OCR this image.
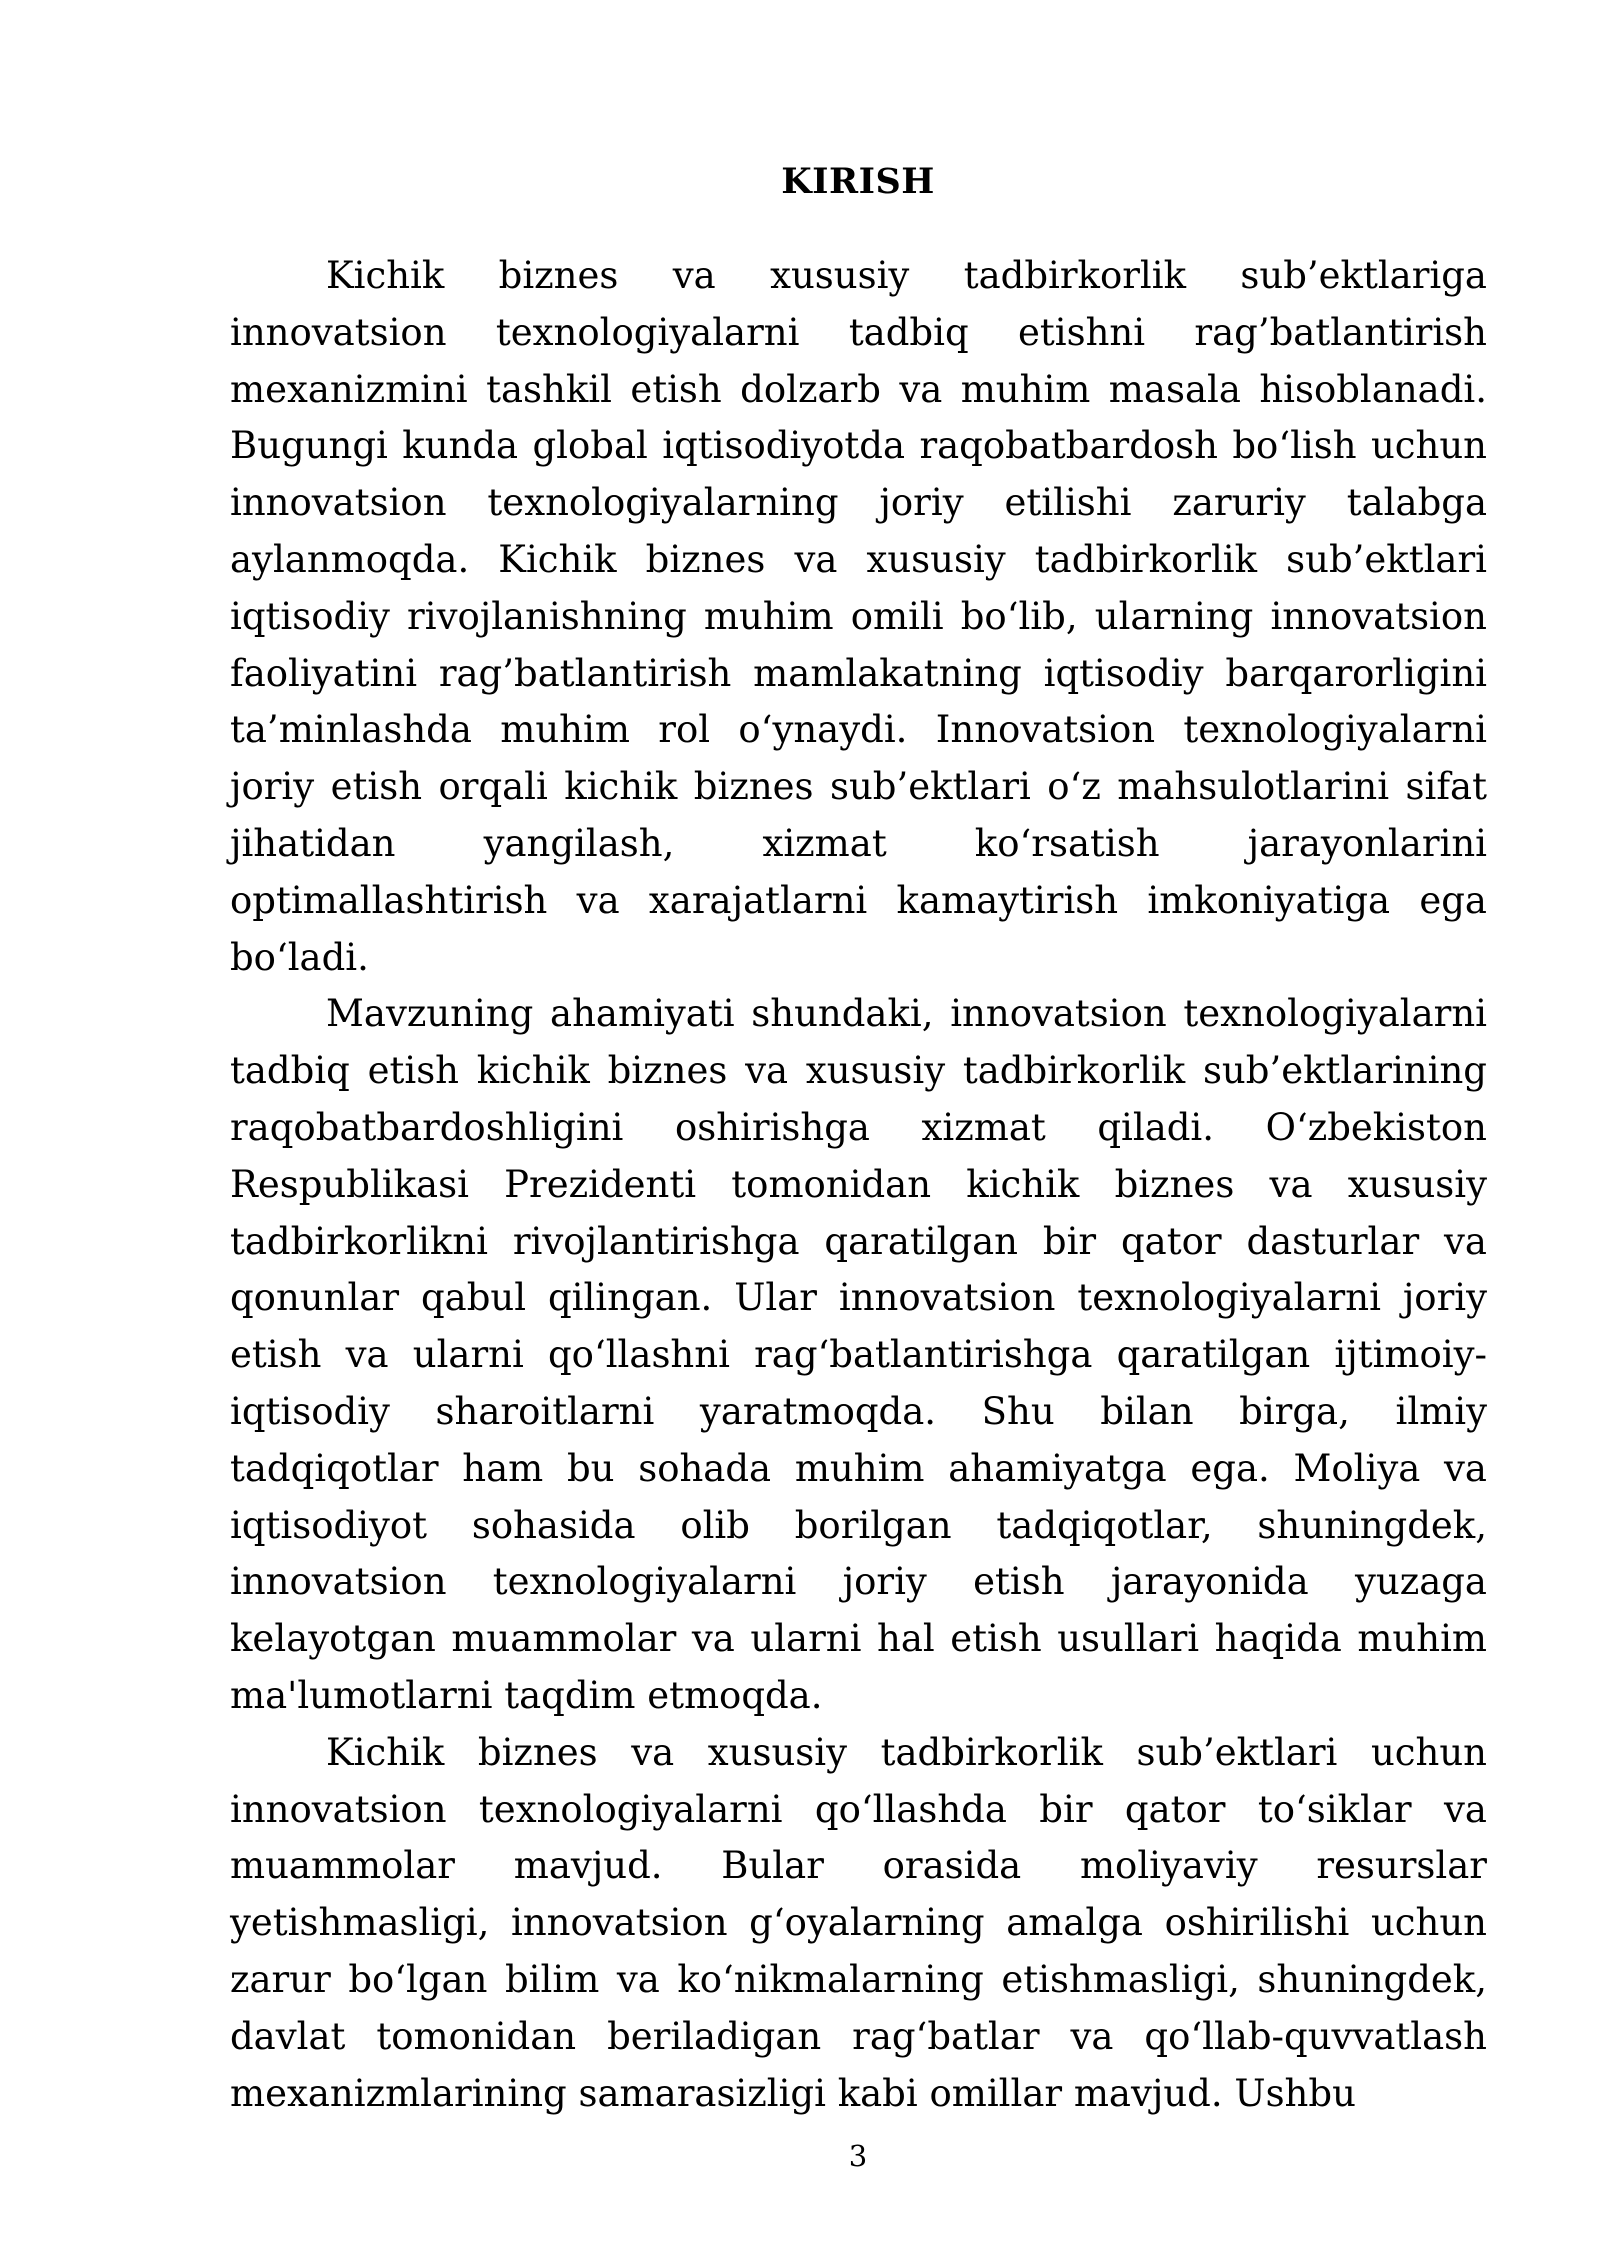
KIRISH

Kichik biznes va xususiy tadbirkorlik sub’ektlariga innovatsion texnologiyalarni tadbiq etishni rag’batlantirish mexanizmini tashkil etish dolzarb va muhim masala hisoblanadi. Bugungi kunda global iqtisodiyotda raqobatbardosh bo‘lish uchun innovatsion texnologiyalarning joriy etilishi zaruriy talabga aylanmoqda. Kichik biznes va xususiy tadbirkorlik sub’ektlari iqtisodiy rivojlanishning muhim omili bo‘lib, ularning innovatsion faoliyatini rag’batlantirish mamlakatning iqtisodiy barqarorligini ta’minlashda muhim rol o‘ynaydi. Innovatsion texnologiyalarni joriy etish orqali kichik biznes sub’ektlari o‘z mahsulotlarini sifat jihatidan yangilash, xizmat ko‘rsatish jarayonlarini optimallashtirish va xarajatlarni kamaytirish imkoniyatiga ega bo‘ladi.

Mavzuning ahamiyati shundaki, innovatsion texnologiyalarni tadbiq etish kichik biznes va xususiy tadbirkorlik sub’ektlarining raqobatbardoshligini oshirishga xizmat qiladi. O‘zbekiston Respublikasi Prezidenti tomonidan kichik biznes va xususiy tadbirkorlikni rivojlantirishga qaratilgan bir qator dasturlar va qonunlar qabul qilingan. Ular innovatsion texnologiyalarni joriy etish va ularni qo‘llashni rag‘batlantirishga qaratilgan ijtimoiy-iqtisodiy sharoitlarni yaratmoqda. Shu bilan birga, ilmiy tadqiqotlar ham bu sohada muhim ahamiyatga ega. Moliya va iqtisodiyot sohasida olib borilgan tadqiqotlar, shuningdek, innovatsion texnologiyalarni joriy etish jarayonida yuzaga kelayotgan muammolar va ularni hal etish usullari haqida muhim ma'lumotlarni taqdim etmoqda.

Kichik biznes va xususiy tadbirkorlik sub’ektlari uchun innovatsion texnologiyalarni qo‘llashda bir qator to‘siklar va muammolar mavjud. Bular orasida moliyaviy resurslar yetishmasligi, innovatsion g‘oyalarning amalga oshirilishi uchun zarur bo‘lgan bilim va ko‘nikmalarning etishmasligi, shuningdek, davlat tomonidan beriladigan rag‘batlar va qo‘llab-quvvatlash mexanizmlarining samarasizligi kabi omillar mavjud. Ushbu

3
